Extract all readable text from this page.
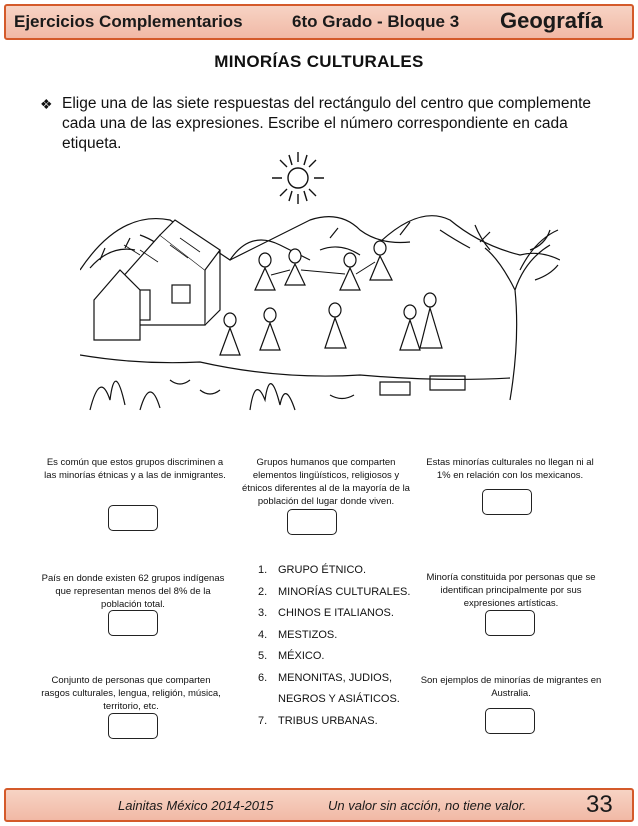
Ejercicios Complementarios	6to Grado - Bloque 3 Geografía
MINORÍAS CULTURALES
❖ Elige una de las siete respuestas del rectángulo del centro que complemente cada una de las expresiones. Escribe el número correspondiente en cada etiqueta.
Es común que estos grupos discriminen a las minorías étnicas y a las de inmigrantes.
Grupos humanos que comparten elementos lingüísticos, religiosos y étnicos diferentes al de la mayoría de la población del lugar donde viven.
Estas minorías culturales no llegan ni al 1% en relación con los mexicanos.
País en donde existen 62 grupos indígenas que representan menos del 8% de la población total.
Minoría constituida por personas que se identifican principalmente por sus expresiones artísticas.
Conjunto de personas que comparten rasgos culturales, lengua, religión, música, territorio, etc.
Son ejemplos de minorías de migrantes en Australia.
1. GRUPO ÉTNICO.
2. MINORÍAS CULTURALES.
3. CHINOS E ITALIANOS.
4. MESTIZOS.
5. MÉXICO.
6. MENONITAS, JUDIOS,
NEGROS Y ASIÁTICOS.
7. TRIBUS URBANAS.
Lainitas México 2014-2015	Un valor sin acción, no tiene valor. 33
